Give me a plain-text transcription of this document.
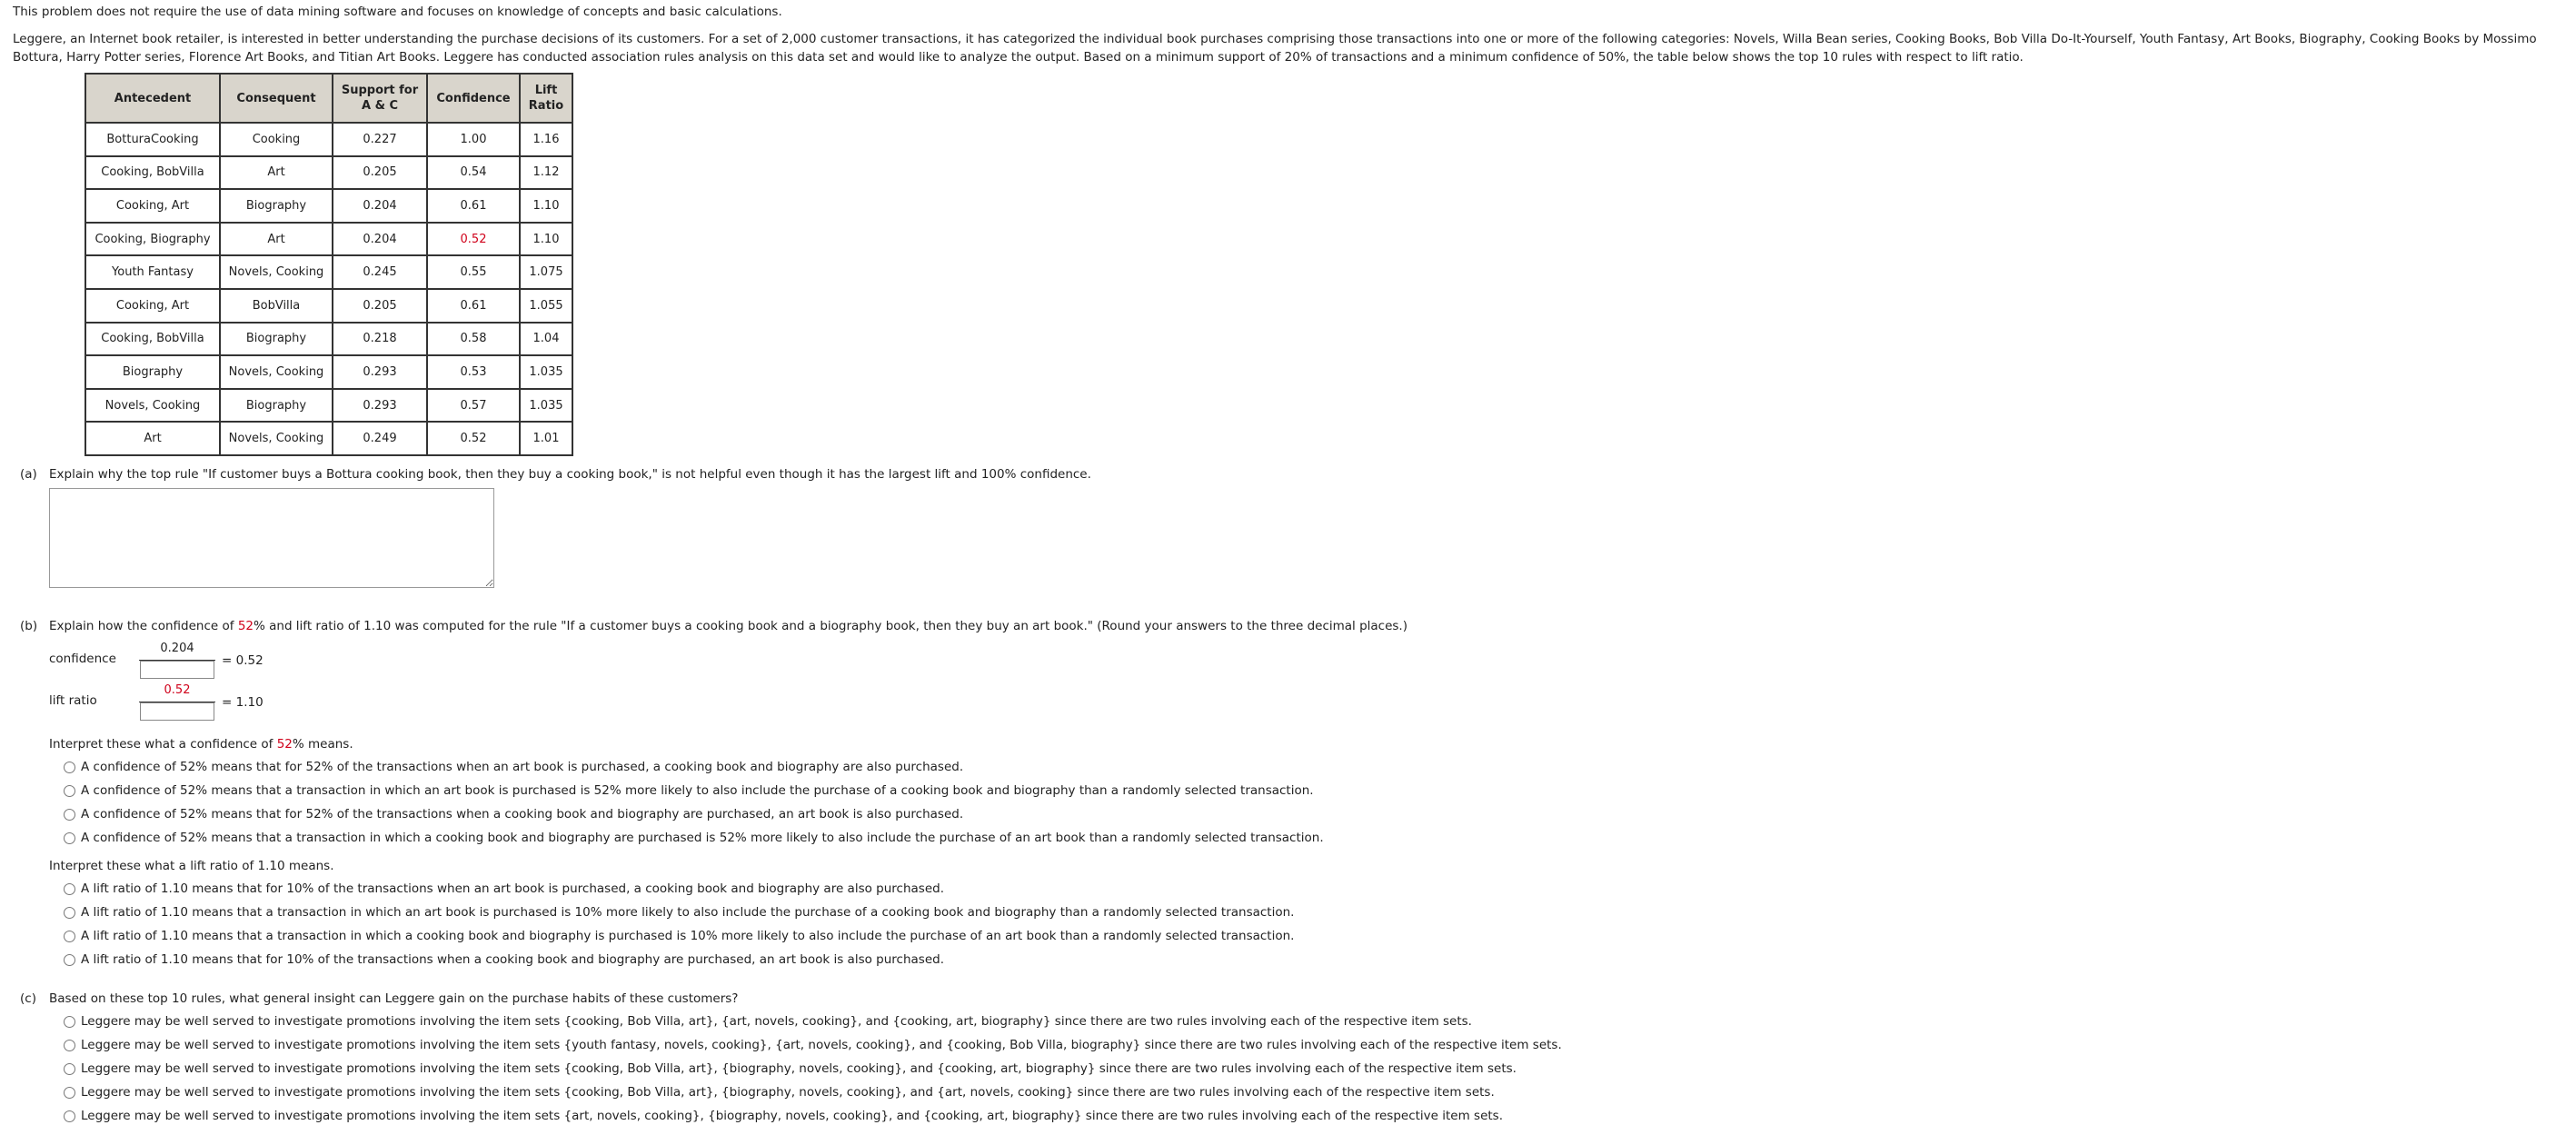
This problem does not require the use of data mining software and focuses on knowledge of concepts and basic calculations.

Leggere, an Internet book retailer, is interested in better understanding the purchase decisions of its customers. For a set of 2,000 customer transactions, it has categorized the individual book purchases comprising those transactions into one or more of the following categories: Novels, Willa Bean series, Cooking Books, Bob Villa Do-It-Yourself, Youth Fantasy, Art Books, Biography, Cooking Books by Mossimo Bottura, Harry Potter series, Florence Art Books, and Titian Art Books. Leggere has conducted association rules analysis on this data set and would like to analyze the output. Based on a minimum support of 20% of transactions and a minimum confidence of 50%, the table below shows the top 10 rules with respect to lift ratio.

Antecedent	Consequent	Support for A & C	Confidence	Lift Ratio
BotturaCooking	Cooking	0.227	1.00	1.16
Cooking, BobVilla	Art	0.205	0.54	1.12
Cooking, Art	Biography	0.204	0.61	1.10
Cooking, Biography	Art	0.204	0.52	1.10
Youth Fantasy	Novels, Cooking	0.245	0.55	1.075
Cooking, Art	BobVilla	0.205	0.61	1.055
Cooking, BobVilla	Biography	0.218	0.58	1.04
Biography	Novels, Cooking	0.293	0.53	1.035
Novels, Cooking	Biography	0.293	0.57	1.035
Art	Novels, Cooking	0.249	0.52	1.01
(a) Explain why the top rule "If customer buys a Bottura cooking book, then they buy a cooking book," is not helpful even though it has the largest lift and 100% confidence.
(b) Explain how the confidence of 52% and lift ratio of 1.10 was computed for the rule "If a customer buys a cooking book and a biography book, then they buy an art book." (Round your answers to the three decimal places.)
confidence
0.204
= 0.52
lift ratio
0.52
= 1.10
Interpret these what a confidence of 52% means.
A confidence of 52% means that for 52% of the transactions when an art book is purchased, a cooking book and biography are also purchased.
A confidence of 52% means that a transaction in which an art book is purchased is 52% more likely to also include the purchase of a cooking book and biography than a randomly selected transaction.
A confidence of 52% means that for 52% of the transactions when a cooking book and biography are purchased, an art book is also purchased.
A confidence of 52% means that a transaction in which a cooking book and biography are purchased is 52% more likely to also include the purchase of an art book than a randomly selected transaction.
Interpret these what a lift ratio of 1.10 means.
A lift ratio of 1.10 means that for 10% of the transactions when an art book is purchased, a cooking book and biography are also purchased.
A lift ratio of 1.10 means that a transaction in which an art book is purchased is 10% more likely to also include the purchase of a cooking book and biography than a randomly selected transaction.
A lift ratio of 1.10 means that a transaction in which a cooking book and biography is purchased is 10% more likely to also include the purchase of an art book than a randomly selected transaction.
A lift ratio of 1.10 means that for 10% of the transactions when a cooking book and biography are purchased, an art book is also purchased.
(c) Based on these top 10 rules, what general insight can Leggere gain on the purchase habits of these customers?
Leggere may be well served to investigate promotions involving the item sets {cooking, Bob Villa, art}, {art, novels, cooking}, and {cooking, art, biography} since there are two rules involving each of the respective item sets.
Leggere may be well served to investigate promotions involving the item sets {youth fantasy, novels, cooking}, {art, novels, cooking}, and {cooking, Bob Villa, biography} since there are two rules involving each of the respective item sets.
Leggere may be well served to investigate promotions involving the item sets {cooking, Bob Villa, art}, {biography, novels, cooking}, and {cooking, art, biography} since there are two rules involving each of the respective item sets.
Leggere may be well served to investigate promotions involving the item sets {cooking, Bob Villa, art}, {biography, novels, cooking}, and {art, novels, cooking} since there are two rules involving each of the respective item sets.
Leggere may be well served to investigate promotions involving the item sets {art, novels, cooking}, {biography, novels, cooking}, and {cooking, art, biography} since there are two rules involving each of the respective item sets.
